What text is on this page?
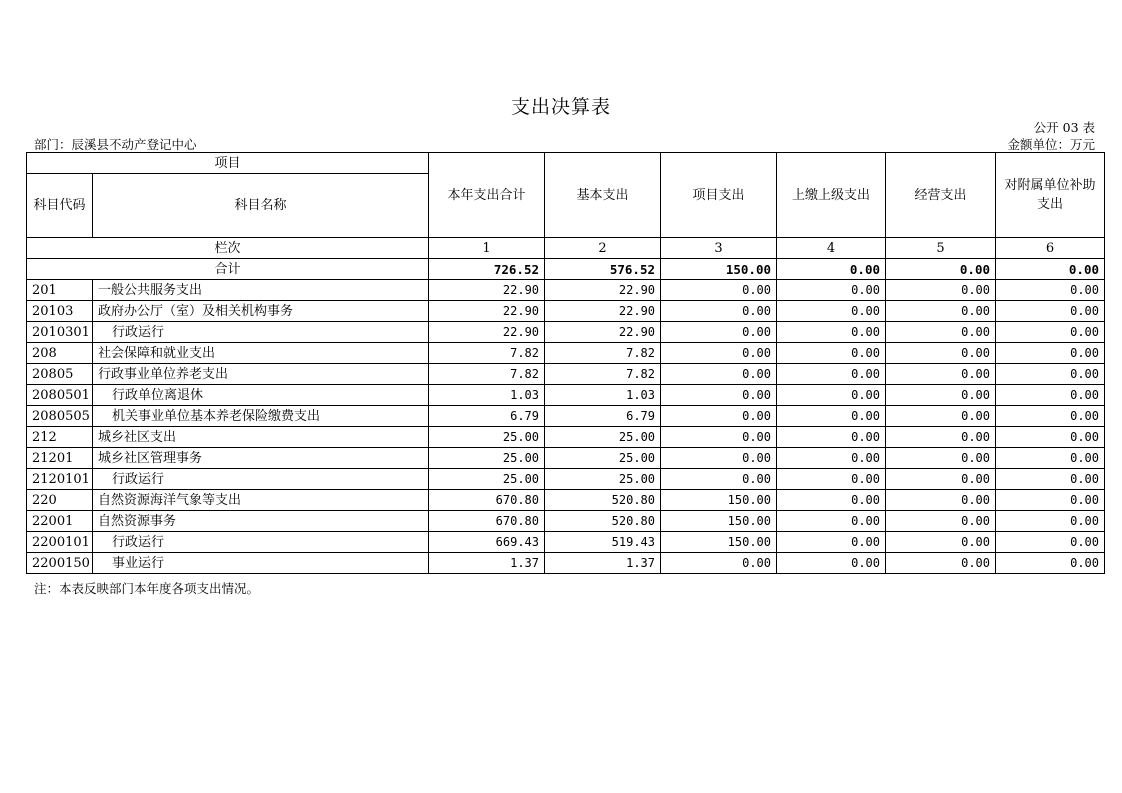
支出决算表
公开 03 表
部门：辰溪县不动产登记中心	金额单位：万元
项目		本年支出合计	基本支出	项目支出	上缴上级支出	经营支出	对附属单位补助支出
科目代码	科目名称						
栏次		1	2	3	4	5	6
合计		726.52	576.52	150.00	0.00	0.00	0.00
201	一般公共服务支出	22.90	22.90	0.00	0.00	0.00	0.00
20103	政府办公厅（室）及相关机构事务	22.90	22.90	0.00	0.00	0.00	0.00
2010301	行政运行	22.90	22.90	0.00	0.00	0.00	0.00
208	社会保障和就业支出	7.82	7.82	0.00	0.00	0.00	0.00
20805	行政事业单位养老支出	7.82	7.82	0.00	0.00	0.00	0.00
2080501	行政单位离退休	1.03	1.03	0.00	0.00	0.00	0.00
2080505	机关事业单位基本养老保险缴费支出	6.79	6.79	0.00	0.00	0.00	0.00
212	城乡社区支出	25.00	25.00	0.00	0.00	0.00	0.00
21201	城乡社区管理事务	25.00	25.00	0.00	0.00	0.00	0.00
2120101	行政运行	25.00	25.00	0.00	0.00	0.00	0.00
220	自然资源海洋气象等支出	670.80	520.80	150.00	0.00	0.00	0.00
22001	自然资源事务	670.80	520.80	150.00	0.00	0.00	0.00
2200101	行政运行	669.43	519.43	150.00	0.00	0.00	0.00
2200150	事业运行	1.37	1.37	0.00	0.00	0.00	0.00
注：本表反映部门本年度各项支出情况。
